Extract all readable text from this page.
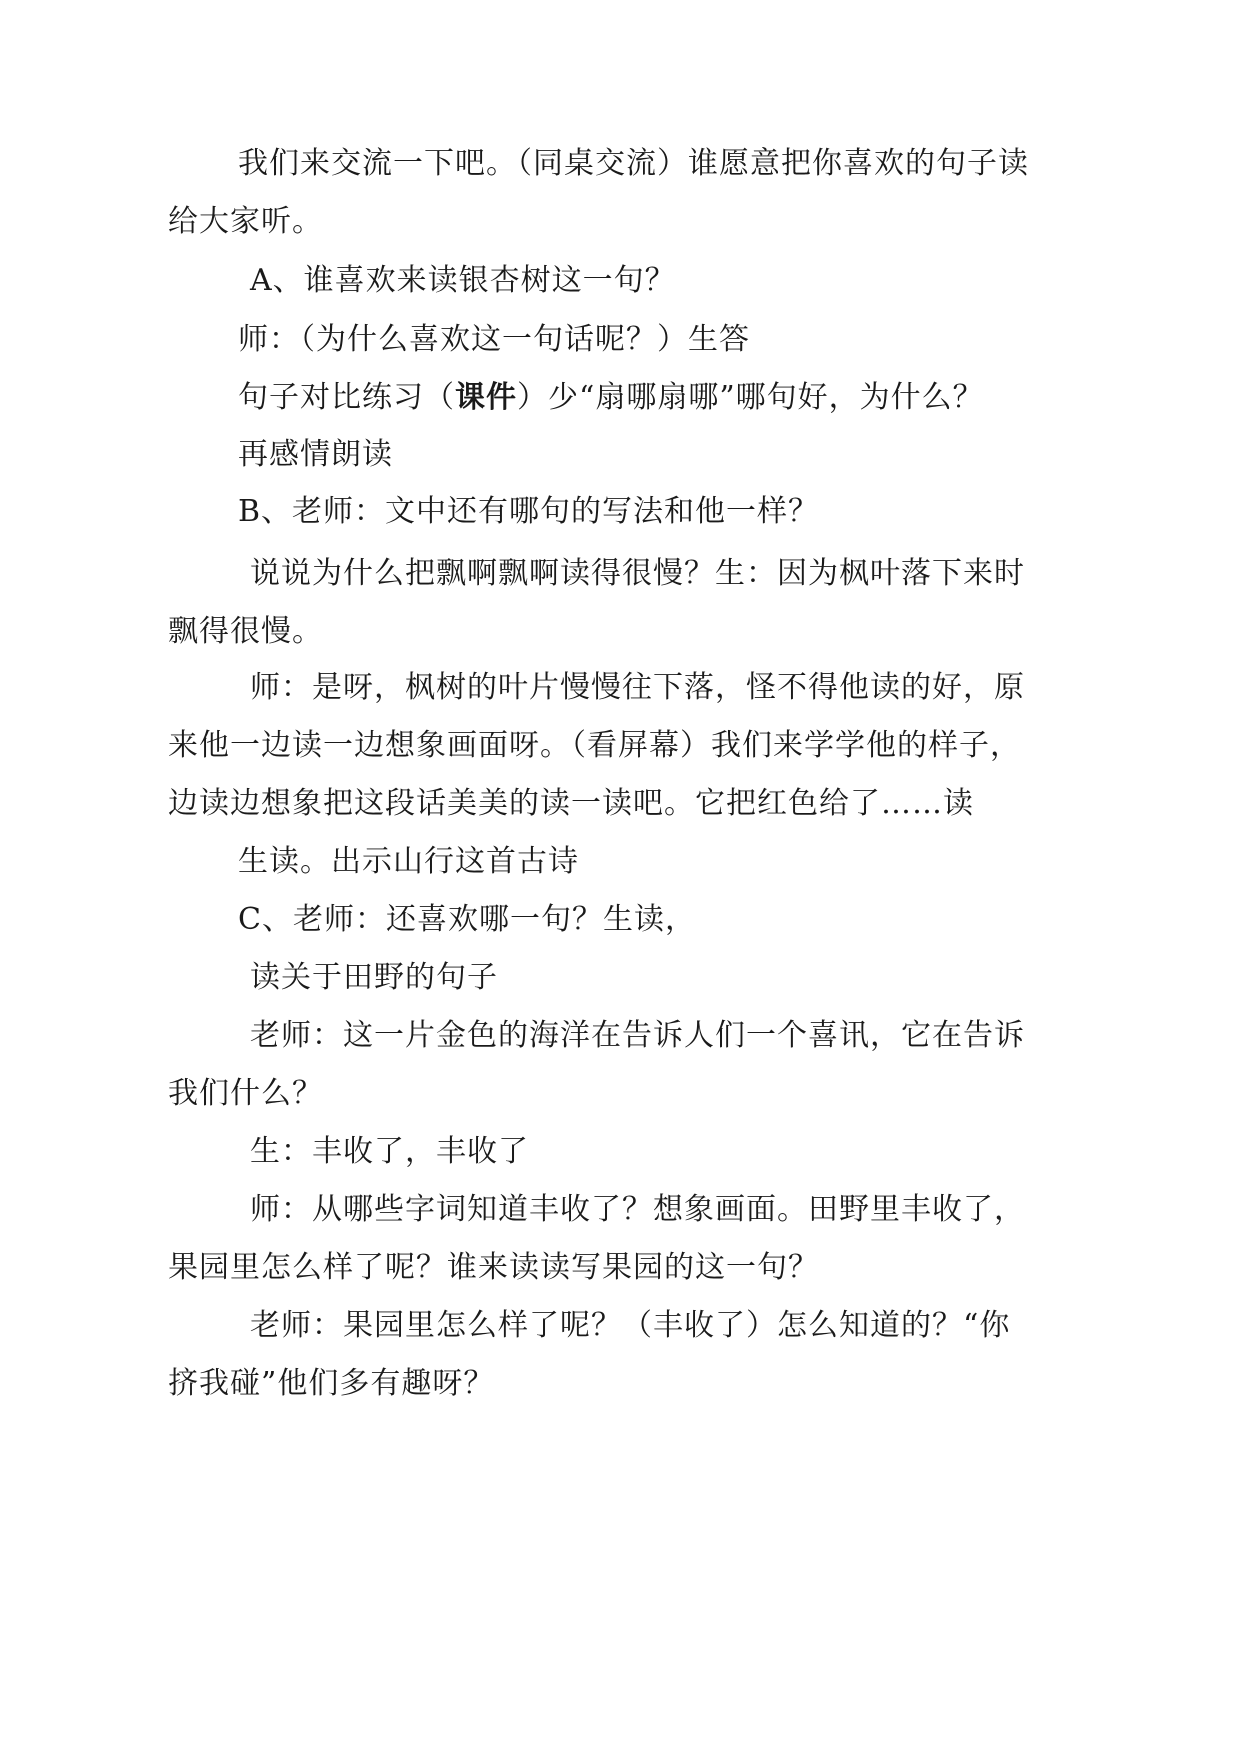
我们来交流一下吧。（同桌交流）谁愿意把你喜欢的句子读
给大家听。
A、谁喜欢来读银杏树这一句？
师：（为什么喜欢这一句话呢？）生答
句子对比练习（课件）少“扇哪扇哪”哪句好，为什么？
再感情朗读
B、老师：文中还有哪句的写法和他一样？
说说为什么把飘啊飘啊读得很慢？生：因为枫叶落下来时
飘得很慢。
师：是呀，枫树的叶片慢慢往下落，怪不得他读的好，原
来他一边读一边想象画面呀。（看屏幕）我们来学学他的样子，
边读边想象把这段话美美的读一读吧。它把红色给了……读
生读。出示山行这首古诗
C、老师：还喜欢哪一句？生读，
读关于田野的句子
老师：这一片金色的海洋在告诉人们一个喜讯，它在告诉
我们什么？
生：丰收了，丰收了
师：从哪些字词知道丰收了？想象画面。田野里丰收了，
果园里怎么样了呢？谁来读读写果园的这一句？
老师：果园里怎么样了呢？（丰收了）怎么知道的？“你
挤我碰”他们多有趣呀？
